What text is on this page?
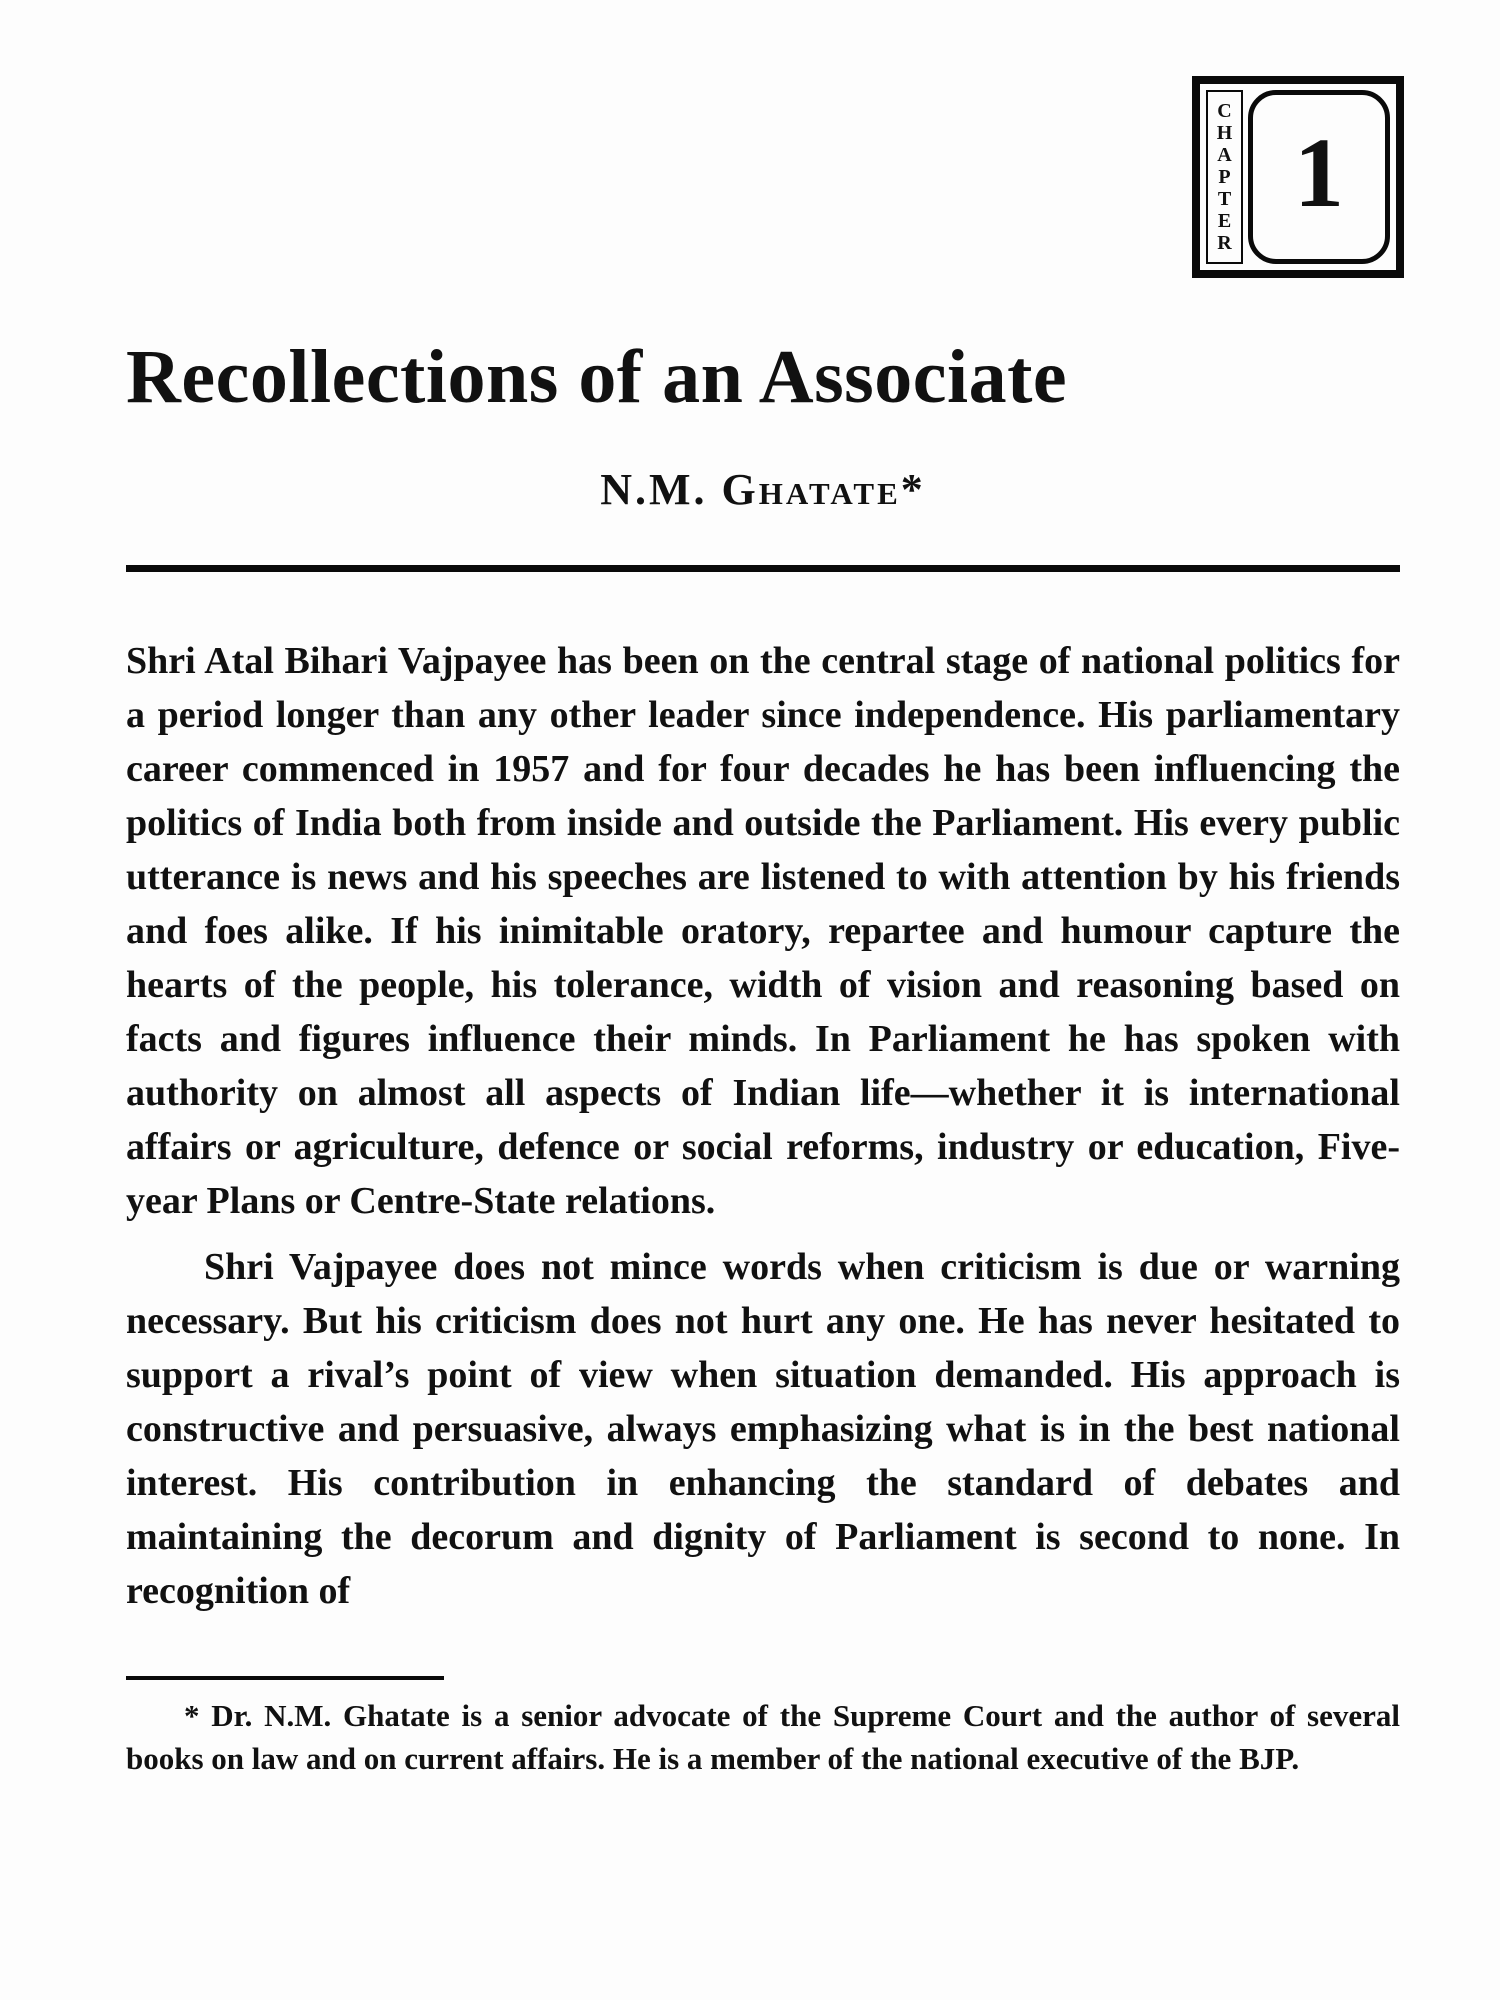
CHAPTER 1
Recollections of an Associate
N.M. Ghatate*

Shri Atal Bihari Vajpayee has been on the central stage of national politics for a period longer than any other leader since independence. His parliamentary career commenced in 1957 and for four decades he has been influencing the politics of India both from inside and outside the Parliament. His every public utterance is news and his speeches are listened to with attention by his friends and foes alike. If his inimitable oratory, repartee and humour capture the hearts of the people, his tolerance, width of vision and reasoning based on facts and figures influence their minds. In Parliament he has spoken with authority on almost all aspects of Indian life—whether it is international affairs or agriculture, defence or social reforms, industry or education, Five-year Plans or Centre-State relations.

Shri Vajpayee does not mince words when criticism is due or warning necessary. But his criticism does not hurt any one. He has never hesitated to support a rival’s point of view when situation demanded. His approach is constructive and persuasive, always emphasizing what is in the best national interest. His contribution in enhancing the standard of debates and maintaining the decorum and dignity of Parliament is second to none. In recognition of

* Dr. N.M. Ghatate is a senior advocate of the Supreme Court and the author of several books on law and on current affairs. He is a member of the national executive of the BJP.
